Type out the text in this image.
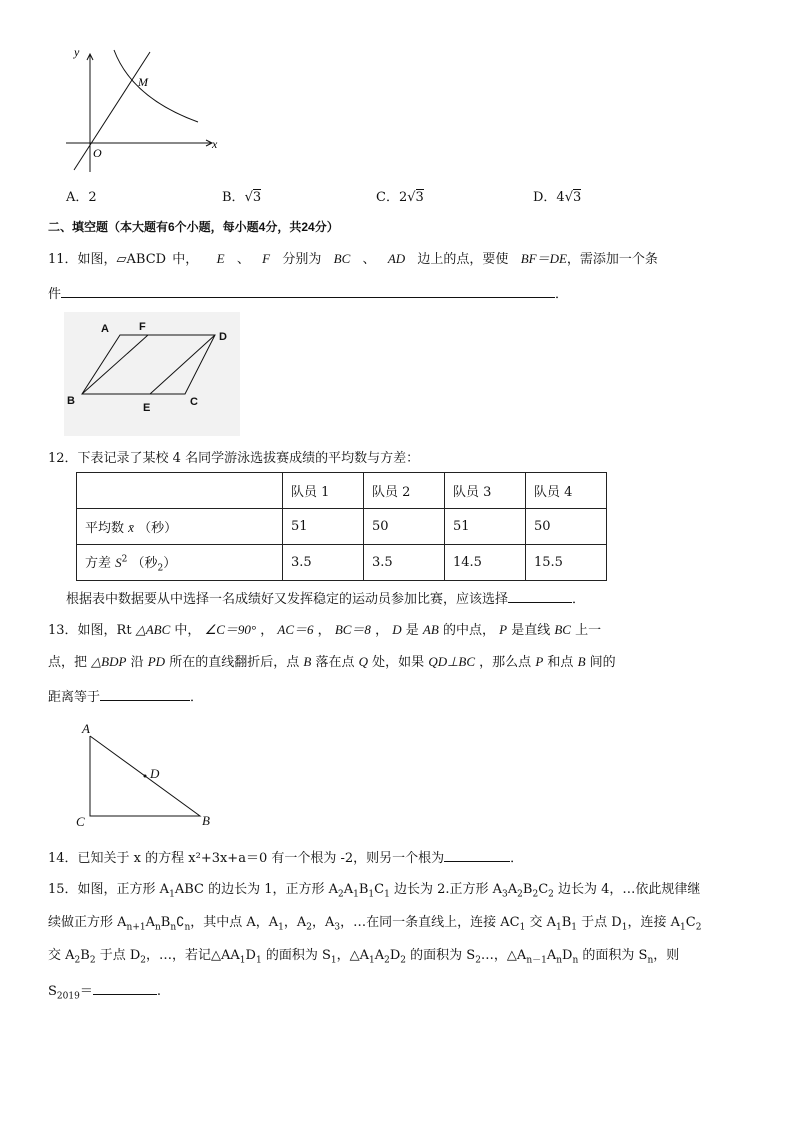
y
x
O
M
A．2	B．√3	C．2√3	D．4√3
二、填空题（本大题有6个小题，每小题4分，共24分）
11．如图，▱ABCD 中， E 、 F 分别为 BC 、 AD 边上的点，要使 BF＝DE，需添加一个条
件	．
A	F
D
B
E	C
12．下表记录了某校 4 名同学游泳选拔赛成绩的平均数与方差：
	队员 1	队员 2	队员 3	队员 4
平均数 x̄ （秒）	51	50	51	50
方差 $S^2$ （秒$_2$）	3.5	3.5	14.5	15.5
根据表中数据要从中选择一名成绩好又发挥稳定的运动员参加比赛，应该选择	．
13．如图，Rt △ABC 中， ∠C＝90° ， AC＝6 ， BC＝8 ， D 是 AB 的中点， P 是直线 BC 上一
点，把 △BDP 沿 PD 所在的直线翻折后，点 B 落在点 Q 处，如果 QD⊥BC ，那么点 P 和点 B 间的
距离等于	．
A
D
C	B
14．已知关于 x 的方程 x²+3x+a＝0 有一个根为 -2，则另一个根为	．
15．如图，正方形 $A_1ABC$ 的边长为 1，正方形 $A_2A_1B_1C_1$ 边长为 2.正方形 $A_3A_2B_2C_2$ 边长为 4，…依此规律继
续做正方形 $A_{n+1}A_nB_n∁_n$，其中点 A，$A_1$，$A_2$，$A_3$，…在同一条直线上，连接 $AC_1$ 交 $A_1B_1$ 于点 $D_1$，连接 $A_1C_2$
交 $A_2B_2$ 于点 $D_2$，…，若记$\triangle AA_1D_1$ 的面积为 $S_1$，$\triangle A_1A_2D_2$ 的面积为 $S_2\dots$，$\triangle A_{n-1}A_nD_n$ 的面积为 $S_n$，则
$S_{2019}=$	.
